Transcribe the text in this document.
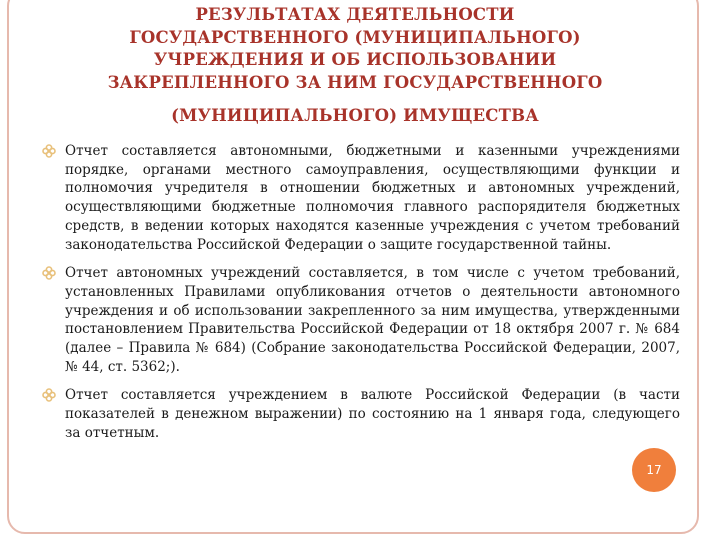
РЕЗУЛЬТАТАХ ДЕЯТЕЛЬНОСТИ
ГОСУДАРСТВЕННОГО (МУНИЦИПАЛЬНОГО)
УЧРЕЖДЕНИЯ И ОБ ИСПОЛЬЗОВАНИИ
ЗАКРЕПЛЕННОГО ЗА НИМ ГОСУДАРСТВЕННОГО
(МУНИЦИПАЛЬНОГО) ИМУЩЕСТВА
Отчет составляется автономными, бюджетными и казенными учреждениями порядке, органами местного самоуправления, осуществляющими функции и полномочия учредителя в отношении бюджетных и автономных учреждений, осуществляющими бюджетные полномочия главного распорядителя бюджетных средств, в ведении которых находятся казенные учреждения с учетом требований законодательства Российской Федерации о защите государственной тайны.
Отчет автономных учреждений составляется, в том числе с учетом требований, установленных Правилами опубликования отчетов о деятельности автономного учреждения и об использовании закрепленного за ним имущества, утвержденными постановлением Правительства Российской Федерации от 18 октября 2007 г. № 684 (далее – Правила № 684) (Собрание законодательства Российской Федерации, 2007, № 44, ст. 5362;).
Отчет составляется учреждением в валюте Российской Федерации (в части показателей в денежном выражении) по состоянию на 1 января года, следующего за отчетным.
17
